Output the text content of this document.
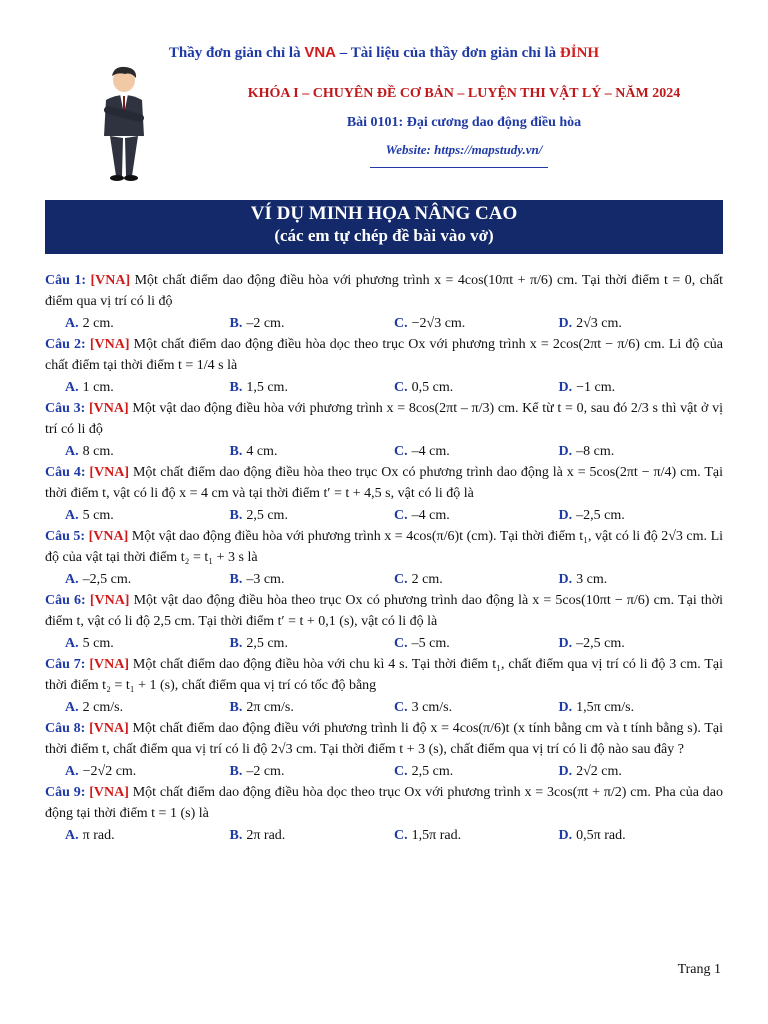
Thầy đơn giản chỉ là VNA – Tài liệu của thầy đơn giản chỉ là ĐỈNH
KHÓA I – CHUYÊN ĐỀ CƠ BẢN – LUYỆN THI VẬT LÝ – NĂM 2024
Bài 0101: Đại cương dao động điều hòa
Website: https://mapstudy.vn/
VÍ DỤ MINH HỌA NÂNG CAO
(các em tự chép đề bài vào vở)
Câu 1: [VNA] Một chất điểm dao động điều hòa với phương trình x = 4cos(10πt + π/6) cm. Tại thời điểm t = 0, chất điểm qua vị trí có li độ
A. 2 cm.	B. –2 cm.	C. −2√3 cm.	D. 2√3 cm.
Câu 2: [VNA] Một chất điểm dao động điều hòa dọc theo trục Ox với phương trình x = 2cos(2πt − π/6) cm. Li độ của chất điểm tại thời điểm t = 1/4 s là
A. 1 cm.	B. 1,5 cm.	C. 0,5 cm.	D. −1 cm.
Câu 3: [VNA] Một vật dao động điều hòa với phương trình x = 8cos(2πt – π/3) cm. Kể từ t = 0, sau đó 2/3 s thì vật ở vị trí có li độ
A. 8 cm.	B. 4 cm.	C. –4 cm.	D. –8 cm.
Câu 4: [VNA] Một chất điểm dao động điều hòa theo trục Ox có phương trình dao động là x = 5cos(2πt − π/4) cm. Tại thời điểm t, vật có li độ x = 4 cm và tại thời điểm t′ = t + 4,5 s, vật có li độ là
A. 5 cm.	B. 2,5 cm.	C. –4 cm.	D. –2,5 cm.
Câu 5: [VNA] Một vật dao động điều hòa với phương trình x = 4cos(π/6)t (cm). Tại thời điểm t₁, vật có li độ 2√3 cm. Li độ của vật tại thời điểm t₂ = t₁ + 3 s là
A. –2,5 cm.	B. –3 cm.	C. 2 cm.	D. 3 cm.
Câu 6: [VNA] Một vật dao động điều hòa theo trục Ox có phương trình dao động là x = 5cos(10πt − π/6) cm. Tại thời điểm t, vật có li độ 2,5 cm. Tại thời điểm t′ = t + 0,1 (s), vật có li độ là
A. 5 cm.	B. 2,5 cm.	C. –5 cm.	D. –2,5 cm.
Câu 7: [VNA] Một chất điểm dao động điều hòa với chu kì 4 s. Tại thời điểm t₁, chất điểm qua vị trí có li độ 3 cm. Tại thời điểm t₂ = t₁ + 1 (s), chất điểm qua vị trí có tốc độ bằng
A. 2 cm/s.	B. 2π cm/s.	C. 3 cm/s.	D. 1,5π cm/s.
Câu 8: [VNA] Một chất điểm dao động điều với phương trình li độ x = 4cos(π/6)t (x tính bằng cm và t tính bằng s). Tại thời điểm t, chất điểm qua vị trí có li độ 2√3 cm. Tại thời điểm t + 3 (s), chất điểm qua vị trí có li độ nào sau đây ?
A. −2√2 cm.	B. –2 cm.	C. 2,5 cm.	D. 2√2 cm.
Câu 9: [VNA] Một chất điểm dao động điều hòa dọc theo trục Ox với phương trình x = 3cos(πt + π/2) cm. Pha của dao động tại thời điểm t = 1 (s) là
A. π rad.	B. 2π rad.	C. 1,5π rad.	D. 0,5π rad.
Trang 1
